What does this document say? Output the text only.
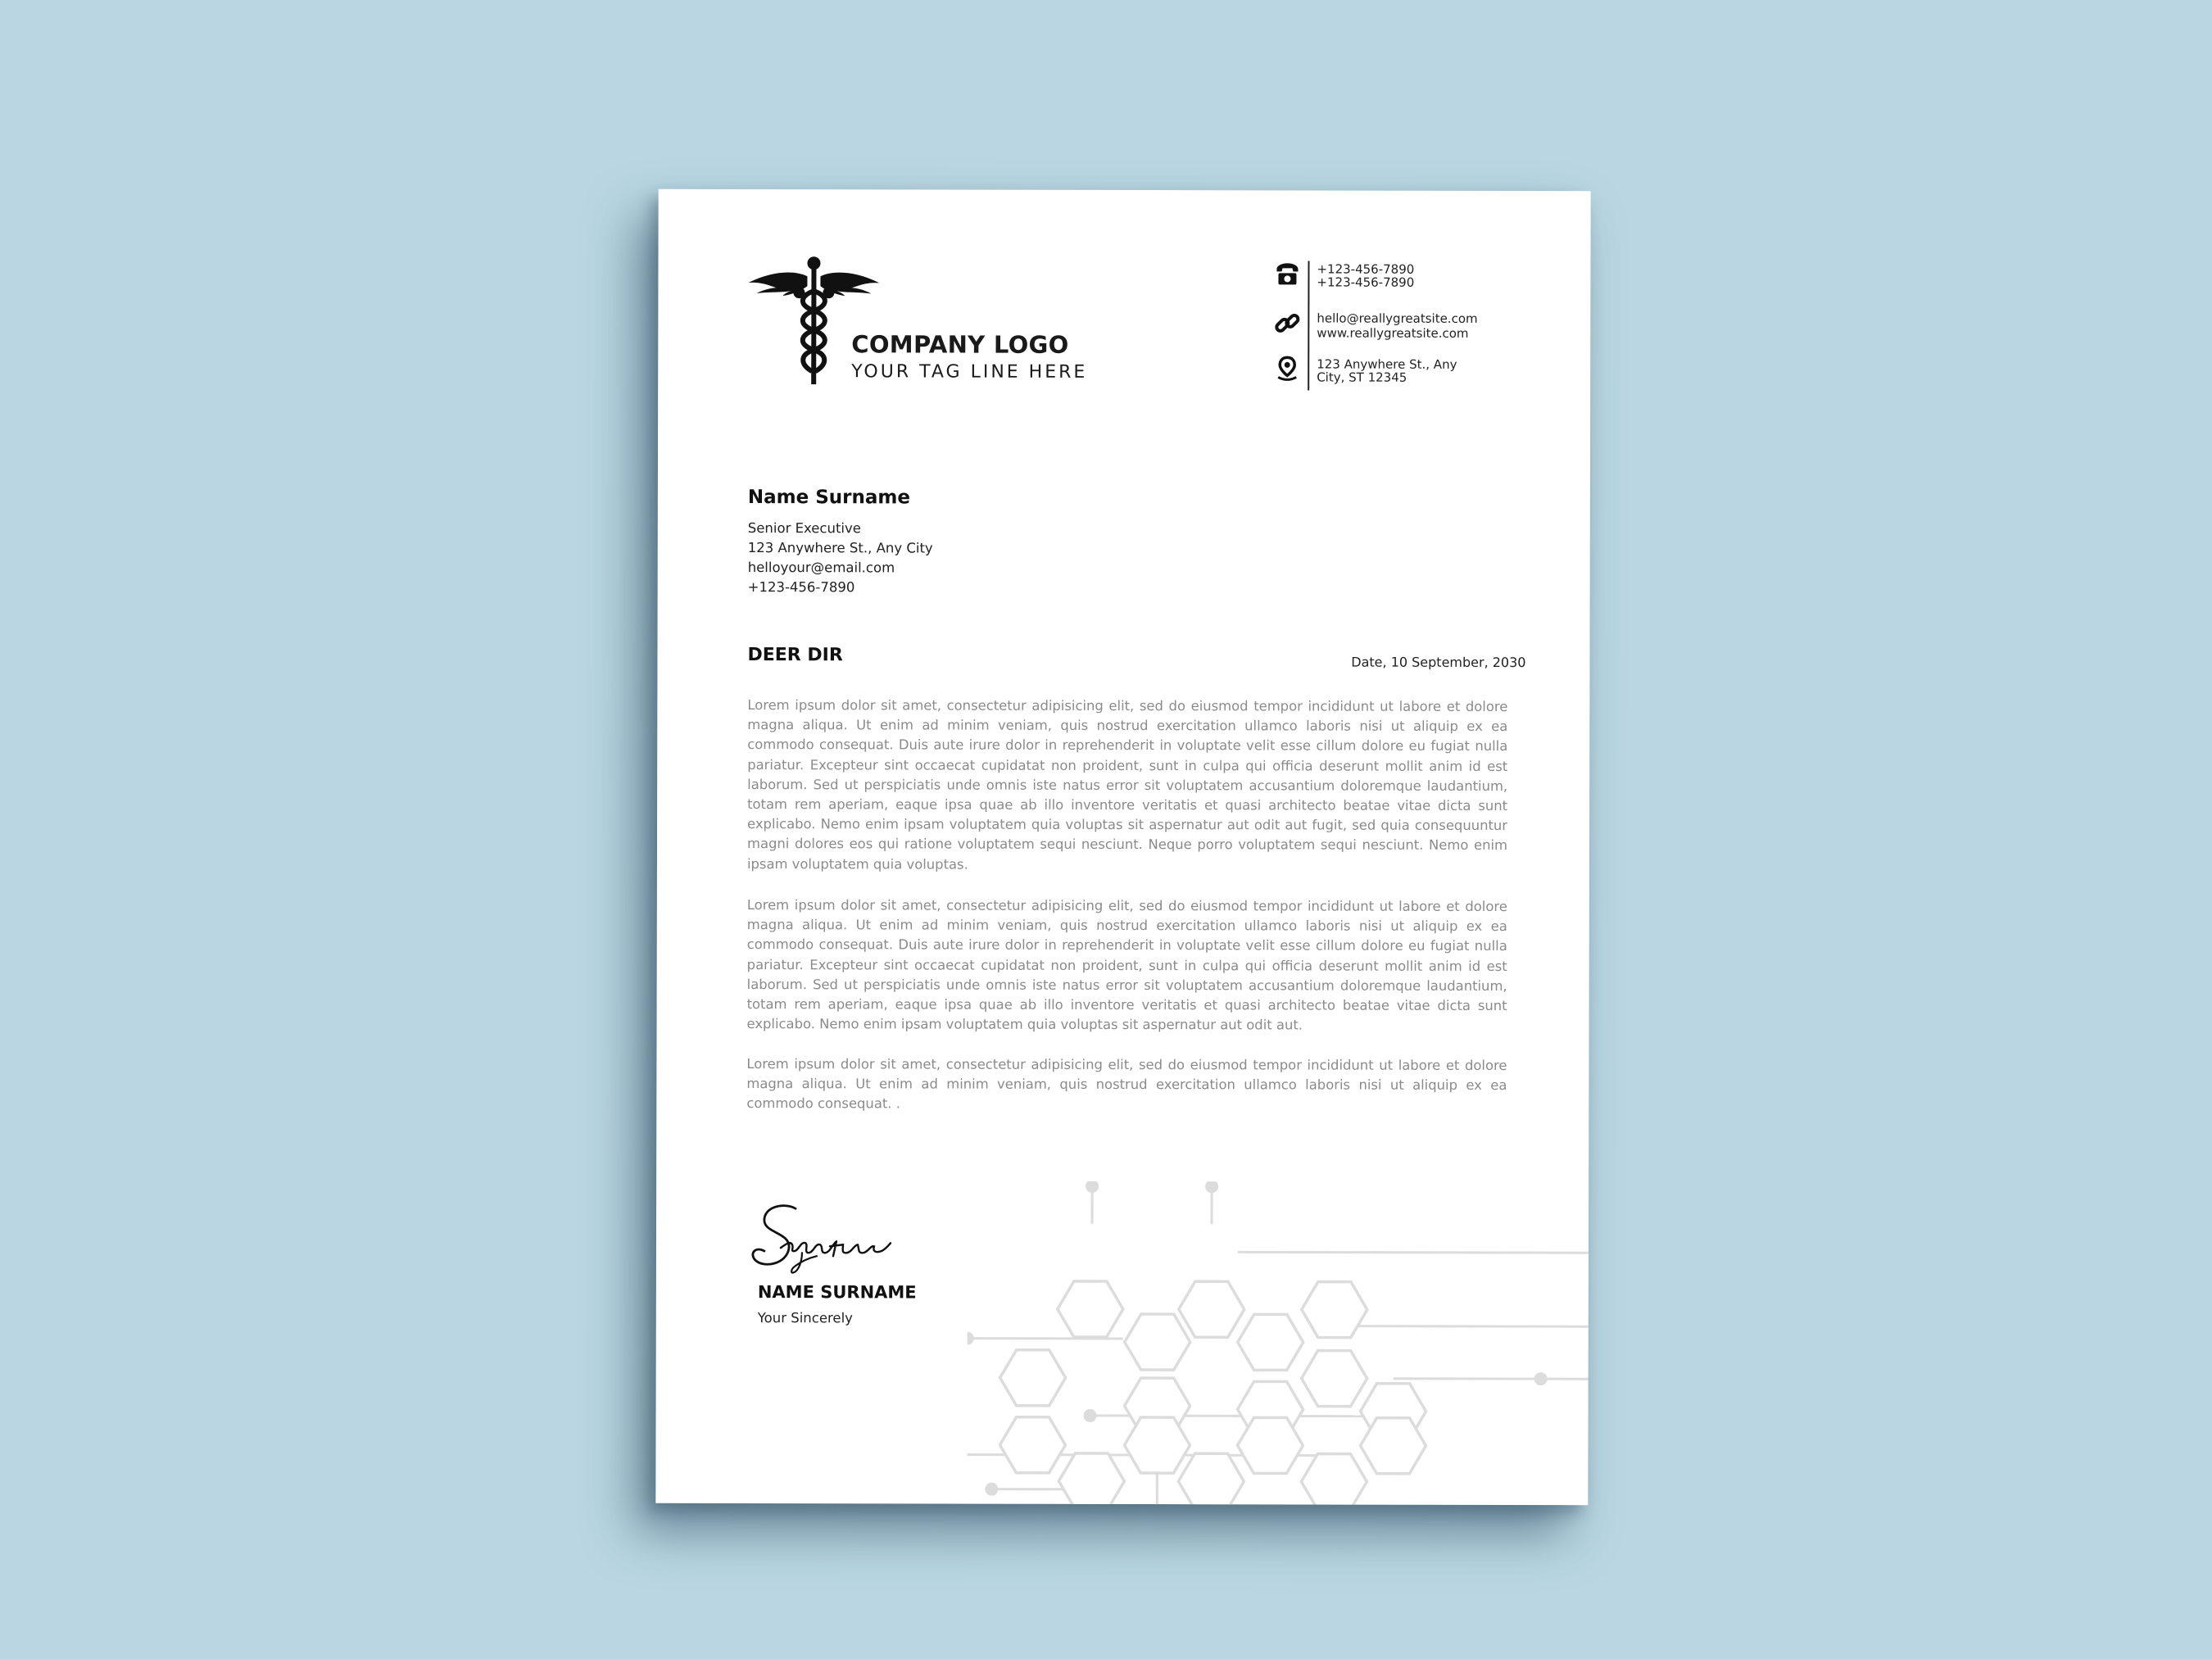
COMPANY LOGO
YOUR TAG LINE HERE
+123-456-7890
+123-456-7890
hello@reallygreatsite.com
www.reallygreatsite.com
123 Anywhere St., Any
City, ST 12345
Name Surname
Senior Executive
123 Anywhere St., Any City
helloyour@email.com
+123-456-7890
DEER DIR	Date, 10 September, 2030

Lorem ipsum dolor sit amet, consectetur adipisicing elit, sed do eiusmod tempor incididunt ut labore et dolore magna aliqua. Ut enim ad minim veniam, quis nostrud exercitation ullamco laboris nisi ut aliquip ex ea commodo consequat. Duis aute irure dolor in reprehenderit in voluptate velit esse cillum dolore eu fugiat nulla pariatur. Excepteur sint occaecat cupidatat non proident, sunt in culpa qui officia deserunt mollit anim id est laborum. Sed ut perspiciatis unde omnis iste natus error sit voluptatem accusantium doloremque laudantium, totam rem aperiam, eaque ipsa quae ab illo inventore veritatis et quasi architecto beatae vitae dicta sunt explicabo. Nemo enim ipsam voluptatem quia voluptas sit aspernatur aut odit aut fugit, sed quia consequuntur magni dolores eos qui ratione voluptatem sequi nesciunt. Neque porro voluptatem sequi nesciunt. Nemo enim ipsam voluptatem quia voluptas.

Lorem ipsum dolor sit amet, consectetur adipisicing elit, sed do eiusmod tempor incididunt ut labore et dolore magna aliqua. Ut enim ad minim veniam, quis nostrud exercitation ullamco laboris nisi ut aliquip ex ea commodo consequat. Duis aute irure dolor in reprehenderit in voluptate velit esse cillum dolore eu fugiat nulla pariatur. Excepteur sint occaecat cupidatat non proident, sunt in culpa qui officia deserunt mollit anim id est laborum. Sed ut perspiciatis unde omnis iste natus error sit voluptatem accusantium doloremque laudantium, totam rem aperiam, eaque ipsa quae ab illo inventore veritatis et quasi architecto beatae vitae dicta sunt explicabo. Nemo enim ipsam voluptatem quia voluptas sit aspernatur aut odit aut.

Lorem ipsum dolor sit amet, consectetur adipisicing elit, sed do eiusmod tempor incididunt ut labore et dolore magna aliqua. Ut enim ad minim veniam, quis nostrud exercitation ullamco laboris nisi ut aliquip ex ea commodo consequat. .

NAME SURNAME
Your Sincerely
